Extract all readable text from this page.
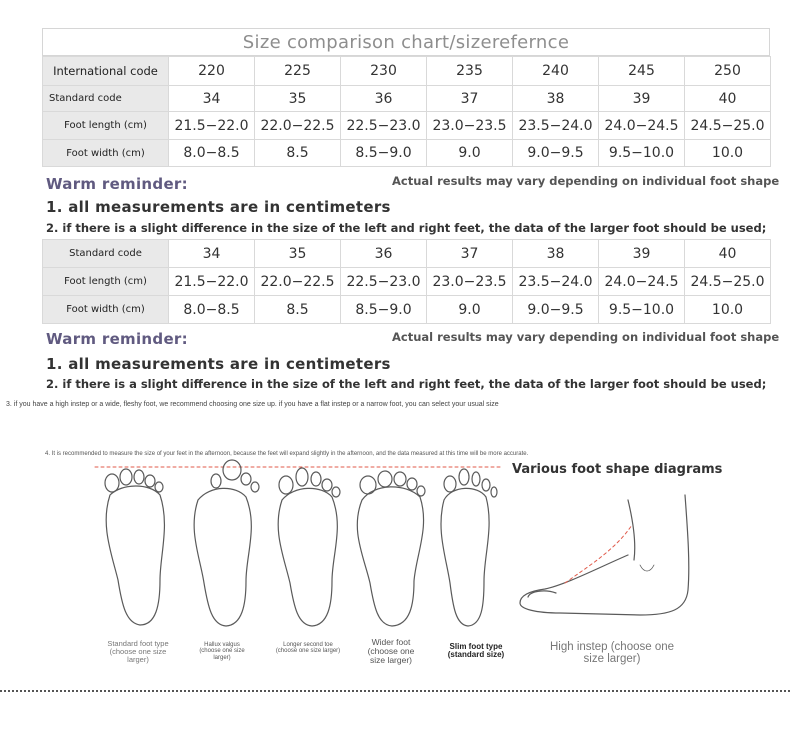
Size comparison chart/sizerefernce
International code	220	225	230	235	240	245	250
Standard code	34	35	36	37	38	39	40
Foot length (cm)	21.5−22.0	22.0−22.5	22.5−23.0	23.0−23.5	23.5−24.0	24.0−24.5	24.5−25.0
Foot width (cm)	8.0−8.5	8.5	8.5−9.0	9.0	9.0−9.5	9.5−10.0	10.0
Warm reminder:	Actual results may vary depending on individual foot shape
1. all measurements are in centimeters
2. if there is a slight difference in the size of the left and right feet, the data of the larger foot should be used;
Standard code	34	35	36	37	38	39	40
Foot length (cm)	21.5−22.0	22.0−22.5	22.5−23.0	23.0−23.5	23.5−24.0	24.0−24.5	24.5−25.0
Foot width (cm)	8.0−8.5	8.5	8.5−9.0	9.0	9.0−9.5	9.5−10.0	10.0
Warm reminder:	Actual results may vary depending on individual foot shape
1. all measurements are in centimeters
2. if there is a slight difference in the size of the left and right feet, the data of the larger foot should be used;
3. if you have a high instep or a wide, fleshy foot, we recommend choosing one size up. if you have a flat instep or a narrow foot, you can select your usual size
4. It is recommended to measure the size of your feet in the afternoon, because the feet will expand slightly in the afternoon, and the data measured at this time will be more accurate.
Various foot shape diagrams
Standard foot type (choose one size larger)
Hallux valgus (choose one size larger)
Longer second toe (choose one size larger)
Wider foot (choose one size larger)
Slim foot type (standard size)
High instep (choose one size larger)
